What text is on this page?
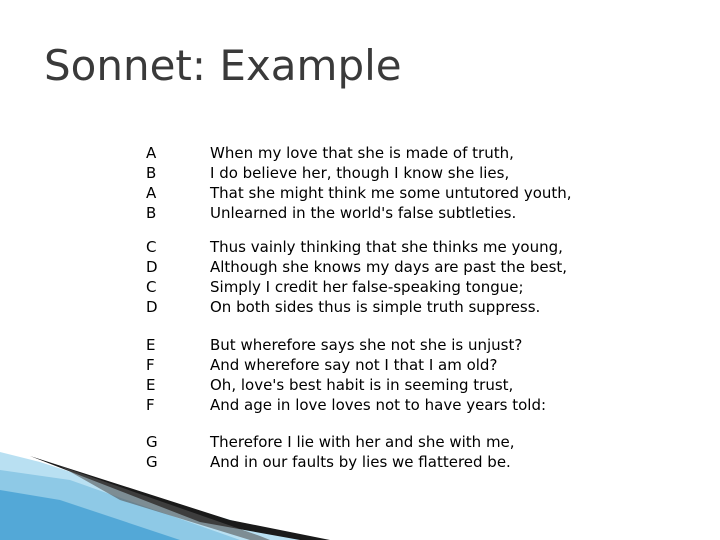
Sonnet: Example
A	When my love that she is made of truth,
B	I do believe her, though I know she lies,
A	That she might think me some untutored youth,
B	Unlearned in the world's false subtleties.
C	Thus vainly thinking that she thinks me young,
D	Although she knows my days are past the best,
C	Simply I credit her false-speaking tongue;
D	On both sides thus is simple truth suppress.
E	But wherefore says she not she is unjust?
F	And wherefore say not I that I am old?
E	Oh, love's best habit is in seeming trust,
F	And age in love loves not to have years told:
G	Therefore I lie with her and she with me,
G	And in our faults by lies we flattered be.
